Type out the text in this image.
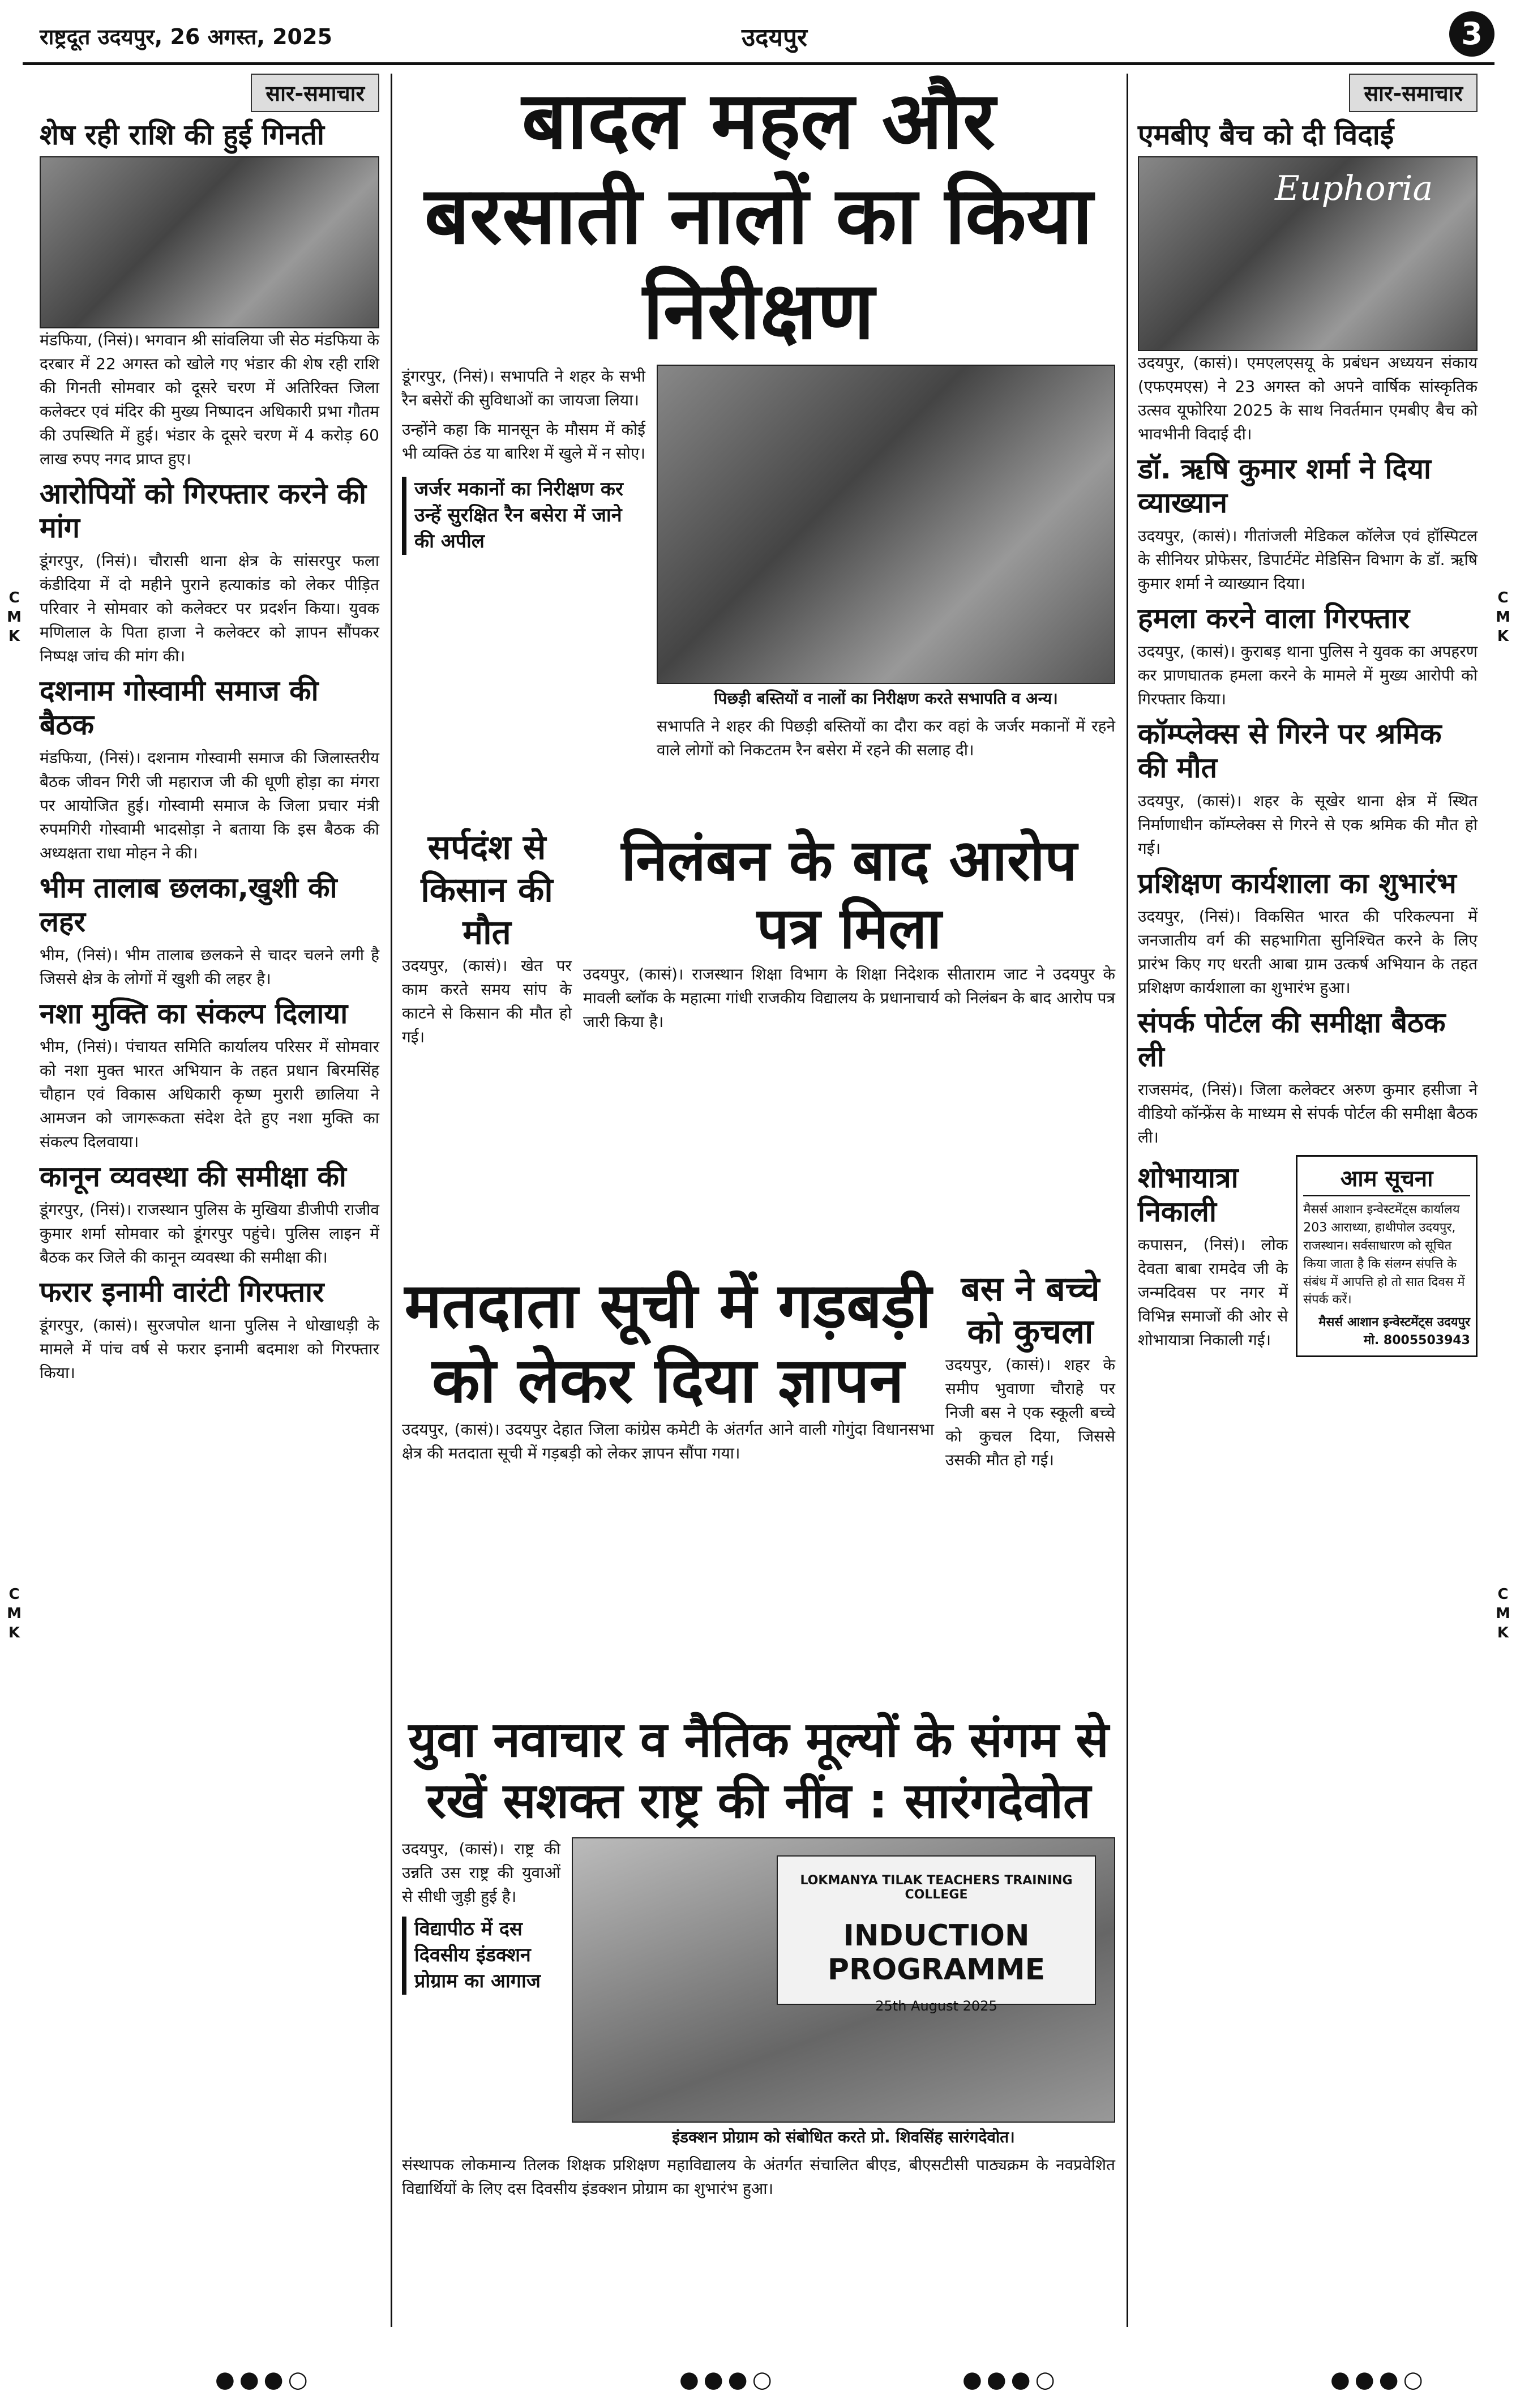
राष्ट्रदूत उदयपुर, 26 अगस्त, 2025	उदयपुर	3
C
M
K
C
M
K
C
M
K
C
M
K
सार-समाचार
शेष रही राशि की हुई गिनती
मंडफिया, (निसं)। भगवान श्री सांवलिया जी सेठ मंडफिया के दरबार में 22 अगस्त को खोले गए भंडार की शेष रही राशि की गिनती सोमवार को दूसरे चरण में अतिरिक्त जिला कलेक्टर एवं मंदिर की मुख्य निष्पादन अधिकारी प्रभा गौतम की उपस्थिति में हुई। भंडार के दूसरे चरण में 4 करोड़ 60 लाख रुपए नगद प्राप्त हुए।
आरोपियों को गिरफ्तार करने की मांग
डूंगरपुर, (निसं)। चौरासी थाना क्षेत्र के सांसरपुर फला कंडीदिया में दो महीने पुराने हत्याकांड को लेकर पीड़ित परिवार ने सोमवार को कलेक्टर पर प्रदर्शन किया। युवक मणिलाल के पिता हाजा ने कलेक्टर को ज्ञापन सौंपकर निष्पक्ष जांच की मांग की।
दशनाम गोस्वामी समाज की बैठक
मंडफिया, (निसं)। दशनाम गोस्वामी समाज की जिलास्तरीय बैठक जीवन गिरी जी महाराज जी की धूणी होड़ा का मंगरा पर आयोजित हुई। गोस्वामी समाज के जिला प्रचार मंत्री रुपमगिरी गोस्वामी भादसोड़ा ने बताया कि इस बैठक की अध्यक्षता राधा मोहन ने की।
भीम तालाब छलका,खुशी की लहर
भीम, (निसं)। भीम तालाब छलकने से चादर चलने लगी है जिससे क्षेत्र के लोगों में खुशी की लहर है।
नशा मुक्ति का संकल्प दिलाया
भीम, (निसं)। पंचायत समिति कार्यालय परिसर में सोमवार को नशा मुक्त भारत अभियान के तहत प्रधान बिरमसिंह चौहान एवं विकास अधिकारी कृष्ण मुरारी छालिया ने आमजन को जागरूकता संदेश देते हुए नशा मुक्ति का संकल्प दिलवाया।
कानून व्यवस्था की समीक्षा की
डूंगरपुर, (निसं)। राजस्थान पुलिस के मुखिया डीजीपी राजीव कुमार शर्मा सोमवार को डूंगरपुर पहुंचे। पुलिस लाइन में बैठक कर जिले की कानून व्यवस्था की समीक्षा की।
फरार इनामी वारंटी गिरफ्तार
डूंगरपुर, (कासं)। सुरजपोल थाना पुलिस ने धोखाधड़ी के मामले में पांच वर्ष से फरार इनामी बदमाश को गिरफ्तार किया।
बादल महल और बरसाती नालों का किया निरीक्षण
डूंगरपुर, (निसं)। सभापति ने शहर के सभी रैन बसेरों की सुविधाओं का जायजा लिया।
उन्होंने कहा कि मानसून के मौसम में कोई भी व्यक्ति ठंड या बारिश में खुले में न सोए।
जर्जर मकानों का निरीक्षण कर उन्हें सुरक्षित रैन बसेरा में जाने की अपील
पिछड़ी बस्तियों व नालों का निरीक्षण करते सभापति व अन्य।
सभापति ने शहर की पिछड़ी बस्तियों का दौरा कर वहां के जर्जर मकानों में रहने वाले लोगों को निकटतम रैन बसेरा में रहने की सलाह दी।
सर्पदंश से किसान की मौत
उदयपुर, (कासं)। खेत पर काम करते समय सांप के काटने से किसान की मौत हो गई।
निलंबन के बाद आरोप पत्र मिला
उदयपुर, (कासं)। राजस्थान शिक्षा विभाग के शिक्षा निदेशक सीताराम जाट ने उदयपुर के मावली ब्लॉक के महात्मा गांधी राजकीय विद्यालय के प्रधानाचार्य को निलंबन के बाद आरोप पत्र जारी किया है।
मतदाता सूची में गड़बड़ी को लेकर दिया ज्ञापन
उदयपुर, (कासं)। उदयपुर देहात जिला कांग्रेस कमेटी के अंतर्गत आने वाली गोगुंदा विधानसभा क्षेत्र की मतदाता सूची में गड़बड़ी को लेकर ज्ञापन सौंपा गया।
बस ने बच्चे को कुचला
उदयपुर, (कासं)। शहर के समीप भुवाणा चौराहे पर निजी बस ने एक स्कूली बच्चे को कुचल दिया, जिससे उसकी मौत हो गई।
युवा नवाचार व नैतिक मूल्यों के संगम से रखें सशक्त राष्ट्र की नींव : सारंगदेवोत
उदयपुर, (कासं)। राष्ट्र की उन्नति उस राष्ट्र की युवाओं से सीधी जुड़ी हुई है।
विद्यापीठ में दस दिवसीय इंडक्शन प्रोग्राम का आगाज
LOKMANYA TILAK TEACHERS TRAINING COLLEGE
INDUCTION PROGRAMME
25th August 2025
इंडक्शन प्रोग्राम को संबोधित करते प्रो. शिवसिंह सारंगदेवोत।
संस्थापक लोकमान्य तिलक शिक्षक प्रशिक्षण महाविद्यालय के अंतर्गत संचालित बीएड, बीएसटीसी पाठ्यक्रम के नवप्रवेशित विद्यार्थियों के लिए दस दिवसीय इंडक्शन प्रोग्राम का शुभारंभ हुआ।
सार-समाचार
एमबीए बैच को दी विदाई
Euphoria
उदयपुर, (कासं)। एमएलएसयू के प्रबंधन अध्ययन संकाय (एफएमएस) ने 23 अगस्त को अपने वार्षिक सांस्कृतिक उत्सव यूफोरिया 2025 के साथ निवर्तमान एमबीए बैच को भावभीनी विदाई दी।
डॉ. ऋषि कुमार शर्मा ने दिया व्याख्यान
उदयपुर, (कासं)। गीतांजली मेडिकल कॉलेज एवं हॉस्पिटल के सीनियर प्रोफेसर, डिपार्टमेंट मेडिसिन विभाग के डॉ. ऋषि कुमार शर्मा ने व्याख्यान दिया।
हमला करने वाला गिरफ्तार
उदयपुर, (कासं)। कुराबड़ थाना पुलिस ने युवक का अपहरण कर प्राणघातक हमला करने के मामले में मुख्य आरोपी को गिरफ्तार किया।
कॉम्प्लेक्स से गिरने पर श्रमिक की मौत
उदयपुर, (कासं)। शहर के सूखेर थाना क्षेत्र में स्थित निर्माणाधीन कॉम्प्लेक्स से गिरने से एक श्रमिक की मौत हो गई।
प्रशिक्षण कार्यशाला का शुभारंभ
उदयपुर, (निसं)। विकसित भारत की परिकल्पना में जनजातीय वर्ग की सहभागिता सुनिश्चित करने के लिए प्रारंभ किए गए धरती आबा ग्राम उत्कर्ष अभियान के तहत प्रशिक्षण कार्यशाला का शुभारंभ हुआ।
संपर्क पोर्टल की समीक्षा बैठक ली
राजसमंद, (निसं)। जिला कलेक्टर अरुण कुमार हसीजा ने वीडियो कॉन्फ्रेंस के माध्यम से संपर्क पोर्टल की समीक्षा बैठक ली।
शोभायात्रा निकाली
कपासन, (निसं)। लोक देवता बाबा रामदेव जी के जन्मदिवस पर नगर में विभिन्न समाजों की ओर से शोभायात्रा निकाली गई।
आम सूचना
मैसर्स आशान इन्वेस्टमेंट्स कार्यालय 203 आराध्या, हाथीपोल उदयपुर, राजस्थान। सर्वसाधारण को सूचित किया जाता है कि संलग्न संपत्ति के संबंध में आपत्ति हो तो सात दिवस में संपर्क करें।
मैसर्स आशान इन्वेस्टमेंट्स उदयपुर मो. 8005503943
●●●○	●●●○	●●●○	●●●○
